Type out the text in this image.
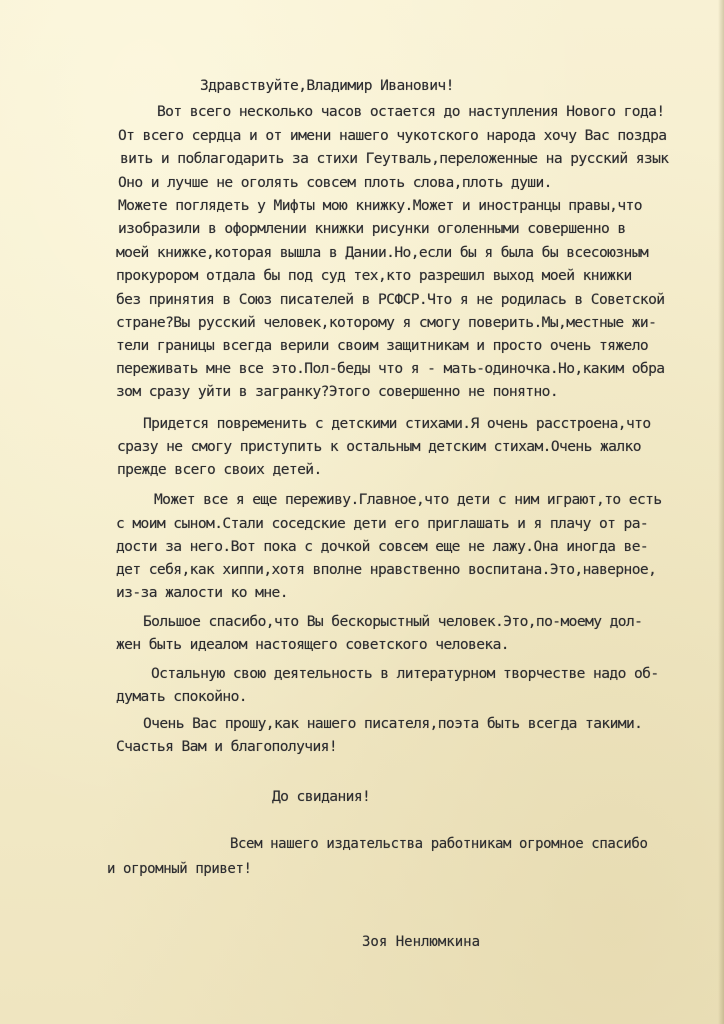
Здравствуйте,Владимир Иванович!
Вот всего несколько часов остается до наступления Нового года!
От всего сердца и от имени нашего чукотского народа хочу Вас поздра
вить и поблагодарить за стихи Геутваль,переложенные на русский язык
Оно и лучше не оголять совсем плоть слова,плоть души.
Можете поглядеть у Мифты мою книжку.Может и иностранцы правы,что
изобразили в оформлении книжки рисунки оголенными совершенно в
моей книжке,которая вышла в Дании.Но,если бы я была бы всесоюзным
прокурором отдала бы под суд тех,кто разрешил выход моей книжки
без принятия в Союз писателей в РСФСР.Что я не родилась в Советской
стране?Вы русский человек,которому я смогу поверить.Мы,местные жи-
тели границы всегда верили своим защитникам и просто очень тяжело
переживать мне все это.Пол-беды что я - мать-одиночка.Но,каким обра
зом сразу уйти в загранку?Этого совершенно не понятно.
Придется повременить с детскими стихами.Я очень расстроена,что
сразу не смогу приступить к остальным детским стихам.Очень жалко
прежде всего своих детей.
Может все я еще переживу.Главное,что дети с ним играют,то есть
с моим сыном.Стали соседские дети его приглашать и я плачу от ра-
дости за него.Вот пока с дочкой совсем еще не лажу.Она иногда ве-
дет себя,как хиппи,хотя вполне нравственно воспитана.Это,наверное,
из-за жалости ко мне.
Большое спасибо,что Вы бескорыстный человек.Это,по-моему дол-
жен быть идеалом настоящего советского человека.
Остальную свою деятельность в литературном творчестве надо об-
думать спокойно.
Очень Вас прошу,как нашего писателя,поэта быть всегда такими.
Счастья Вам и благополучия!
До свидания!
Всем нашего издательства работникам огромное спасибо
и огромный привет!
Зоя Ненлюмкина
